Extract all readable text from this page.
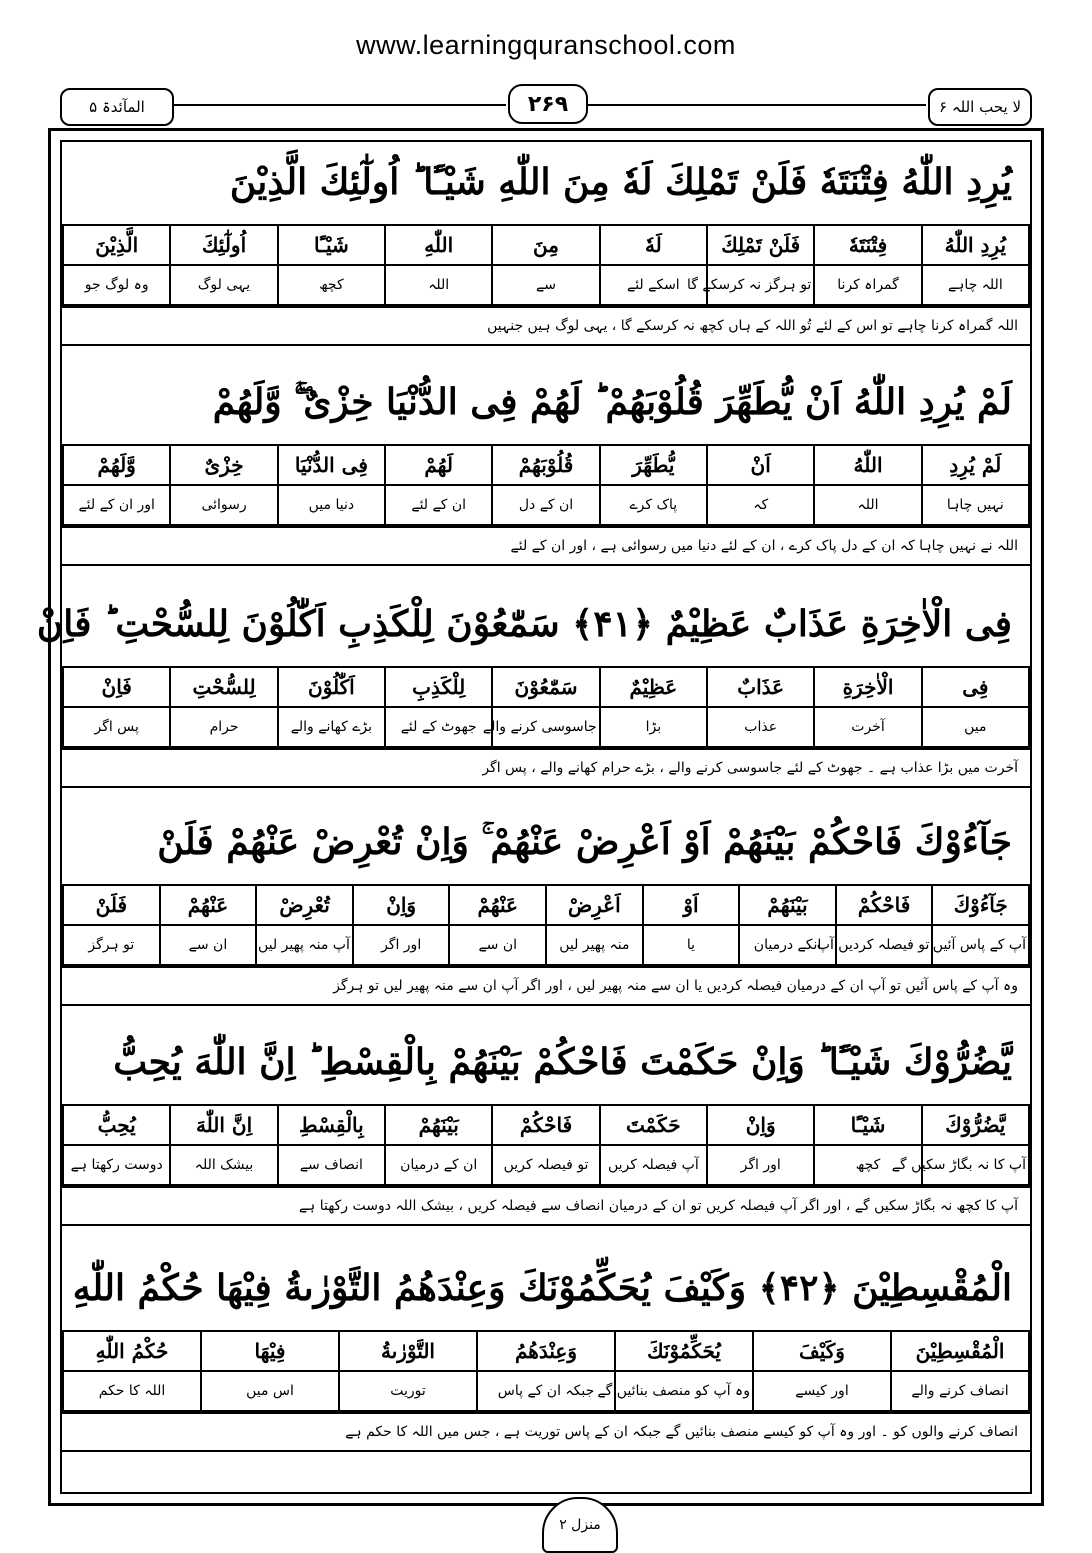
www.learningquranschool.com
لا یحب اللہ ۶
۲۶۹
المآئدۃ ۵
يُرِدِ اللّٰهُ فِتْنَتَهٗ فَلَنْ تَمْلِكَ لَهٗ مِنَ اللّٰهِ شَيْـًٔا ؕ اُولٰٓئِكَ الَّذِيْنَ
يُرِدِ اللّٰهُ	فِتْنَتَهٗ	فَلَنْ تَمْلِكَ	لَهٗ	مِنَ	اللّٰهِ	شَيْـًٔا	اُولٰٓئِكَ	الَّذِيْنَ
اللہ چاہے	گمراہ کرنا	تو ہرگز نہ کرسکے گا	اسکے لئے	سے	اللہ	کچھ	یہی لوگ	وہ لوگ جو
اللہ گمراہ کرنا چاہے تو اس کے لئے تُو اللہ کے ہاں کچھ نہ کرسکے گا ، یہی لوگ ہیں جنہیں
لَمْ يُرِدِ اللّٰهُ اَنْ يُّطَهِّرَ قُلُوْبَهُمْ ؕ لَهُمْ فِى الدُّنْيَا خِزْىٌ ۖۚ وَّلَهُمْ
لَمْ يُرِدِ	اللّٰهُ	اَنْ	يُّطَهِّرَ	قُلُوْبَهُمْ	لَهُمْ	فِى الدُّنْيَا	خِزْىٌ	وَّلَهُمْ
نہیں چاہا	اللہ	کہ	پاک کرے	ان کے دل	ان کے لئے	دنیا میں	رسوائی	اور ان کے لئے
اللہ نے نہیں چاہا کہ ان کے دل پاک کرے ، ان کے لئے دنیا میں رسوائی ہے ، اور ان کے لئے
فِى الْاٰخِرَةِ عَذَابٌ عَظِيْمٌ ﴿۴۱﴾ سَمّٰعُوْنَ لِلْكَذِبِ اَكّٰلُوْنَ لِلسُّحْتِ ؕ فَاِنْ
فِى	الْاٰخِرَةِ	عَذَابٌ	عَظِيْمٌ	سَمّٰعُوْنَ	لِلْكَذِبِ	اَكّٰلُوْنَ	لِلسُّحْتِ	فَاِنْ
میں	آخرت	عذاب	بڑا	جاسوسی کرنے والے	جھوٹ کے لئے	بڑے کھانے والے	حرام	پس اگر
آخرت میں بڑا عذاب ہے ۔ جھوٹ کے لئے جاسوسی کرنے والے ، بڑے حرام کھانے والے ، پس اگر
جَآءُوْكَ فَاحْكُمْ بَيْنَهُمْ اَوْ اَعْرِضْ عَنْهُمْ ۚ وَاِنْ تُعْرِضْ عَنْهُمْ فَلَنْ
جَآءُوْكَ	فَاحْكُمْ	بَيْنَهُمْ	اَوْ	اَعْرِضْ	عَنْهُمْ	وَاِنْ	تُعْرِضْ	عَنْهُمْ	فَلَنْ
آپ کے پاس آئیں	تو فیصلہ کردیں آپ	انکے درمیان	یا	منہ پھیر لیں	ان سے	اور اگر	آپ منہ پھیر لیں	ان سے	تو ہرگز
وہ آپ کے پاس آئیں تو آپ ان کے درمیان فیصلہ کردیں یا ان سے منہ پھیر لیں ، اور اگر آپ ان سے منہ پھیر لیں تو ہرگز
يَّضُرُّوْكَ شَيْـًٔا ؕ وَاِنْ حَكَمْتَ فَاحْكُمْ بَيْنَهُمْ بِالْقِسْطِ ؕ اِنَّ اللّٰهَ يُحِبُّ
يَّضُرُّوْكَ	شَيْـًٔا	وَاِنْ	حَكَمْتَ	فَاحْكُمْ	بَيْنَهُمْ	بِالْقِسْطِ	اِنَّ اللّٰهَ	يُحِبُّ
آپ کا نہ بگاڑ سکیں گے	کچھ	اور اگر	آپ فیصلہ کریں	تو فیصلہ کریں	ان کے درمیان	انصاف سے	بیشک اللہ	دوست رکھتا ہے
آپ کا کچھ نہ بگاڑ سکیں گے ، اور اگر آپ فیصلہ کریں تو ان کے درمیان انصاف سے فیصلہ کریں ، بیشک اللہ دوست رکھتا ہے
الْمُقْسِطِيْنَ ﴿۴۲﴾ وَكَيْفَ يُحَكِّمُوْنَكَ وَعِنْدَهُمُ التَّوْرٰىةُ فِيْهَا حُكْمُ اللّٰهِ
الْمُقْسِطِيْنَ	وَكَيْفَ	يُحَكِّمُوْنَكَ	وَعِنْدَهُمُ	التَّوْرٰىةُ	فِيْهَا	حُكْمُ اللّٰهِ
انصاف کرنے والے	اور کیسے	وہ آپ کو منصف بنائیں گے	جبکہ ان کے پاس	توریت	اس میں	اللہ کا حکم
انصاف کرنے والوں کو ۔ اور وہ آپ کو کیسے منصف بنائیں گے جبکہ ان کے پاس توریت ہے ، جس میں اللہ کا حکم ہے
منزل ۲
